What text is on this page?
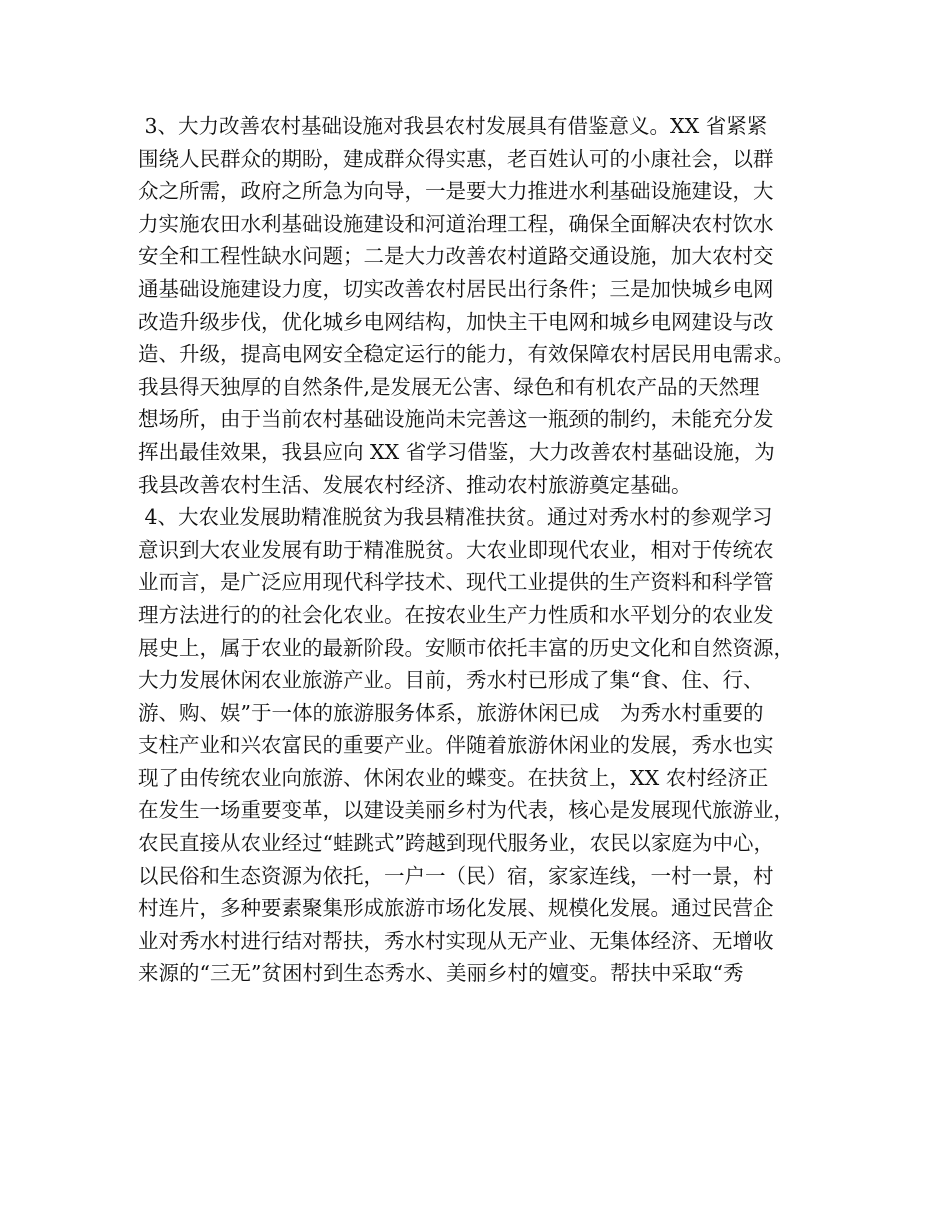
3、大力改善农村基础设施对我县农村发展具有借鉴意义。XX 省紧紧
围绕人民群众的期盼，建成群众得实惠，老百姓认可的小康社会，以群
众之所需，政府之所急为向导，一是要大力推进水利基础设施建设，大
力实施农田水利基础设施建设和河道治理工程，确保全面解决农村饮水
安全和工程性缺水问题；二是大力改善农村道路交通设施，加大农村交
通基础设施建设力度，切实改善农村居民出行条件；三是加快城乡电网
改造升级步伐，优化城乡电网结构，加快主干电网和城乡电网建设与改
造、升级，提高电网安全稳定运行的能力，有效保障农村居民用电需求。
我县得天独厚的自然条件,是发展无公害、绿色和有机农产品的天然理
想场所，由于当前农村基础设施尚未完善这一瓶颈的制约，未能充分发
挥出最佳效果，我县应向 XX 省学习借鉴，大力改善农村基础设施，为
我县改善农村生活、发展农村经济、推动农村旅游奠定基础。
4、大农业发展助精准脱贫为我县精准扶贫。通过对秀水村的参观学习
意识到大农业发展有助于精准脱贫。大农业即现代农业，相对于传统农
业而言，是广泛应用现代科学技术、现代工业提供的生产资料和科学管
理方法进行的的社会化农业。在按农业生产力性质和水平划分的农业发
展史上，属于农业的最新阶段。安顺市依托丰富的历史文化和自然资源，
大力发展休闲农业旅游产业。目前，秀水村已形成了集“食、住、行、
游、购、娱”于一体的旅游服务体系，旅游休闲已成　为秀水村重要的
支柱产业和兴农富民的重要产业。伴随着旅游休闲业的发展，秀水也实
现了由传统农业向旅游、休闲农业的蝶变。在扶贫上，XX 农村经济正
在发生一场重要变革，以建设美丽乡村为代表，核心是发展现代旅游业，
农民直接从农业经过“蛙跳式”跨越到现代服务业，农民以家庭为中心，
以民俗和生态资源为依托，一户一（民）宿，家家连线，一村一景，村
村连片，多种要素聚集形成旅游市场化发展、规模化发展。通过民营企
业对秀水村进行结对帮扶，秀水村实现从无产业、无集体经济、无增收
来源的“三无”贫困村到生态秀水、美丽乡村的嬗变。帮扶中采取“秀
